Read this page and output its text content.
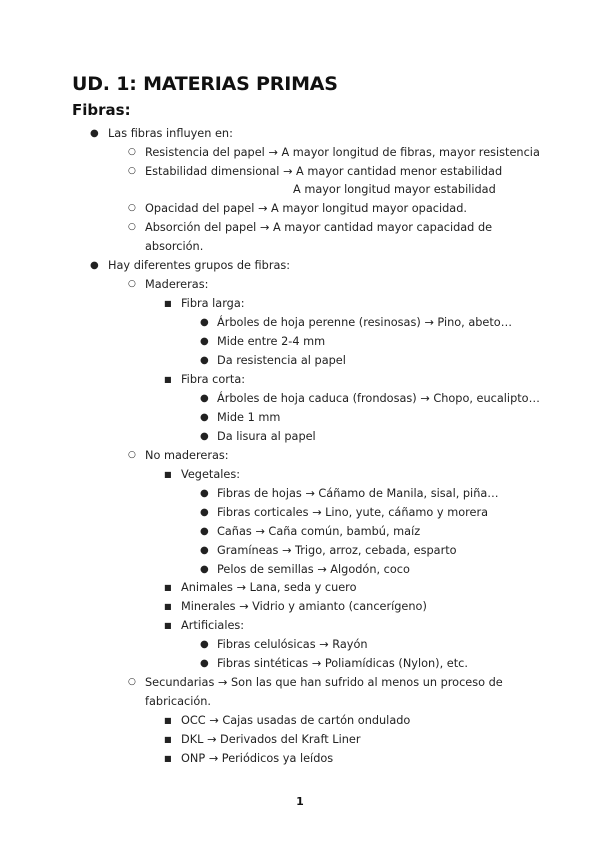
UD. 1: MATERIAS PRIMAS
Fibras:
● Las fibras influyen en:
○ Resistencia del papel → A mayor longitud de fibras, mayor resistencia
○ Estabilidad dimensional → A mayor cantidad menor estabilidad
A mayor longitud mayor estabilidad
○ Opacidad del papel → A mayor longitud mayor opacidad.
○ Absorción del papel → A mayor cantidad mayor capacidad de
absorción.
● Hay diferentes grupos de fibras:
○ Madereras:
■ Fibra larga:
● Árboles de hoja perenne (resinosas) → Pino, abeto…
● Mide entre 2-4 mm
● Da resistencia al papel
■ Fibra corta:
● Árboles de hoja caduca (frondosas) → Chopo, eucalipto…
● Mide 1 mm
● Da lisura al papel
○ No madereras:
■ Vegetales:
● Fibras de hojas → Cáñamo de Manila, sisal, piña…
● Fibras corticales → Lino, yute, cáñamo y morera
● Cañas → Caña común, bambú, maíz
● Gramíneas → Trigo, arroz, cebada, esparto
● Pelos de semillas → Algodón, coco
■ Animales → Lana, seda y cuero
■ Minerales → Vidrio y amianto (cancerígeno)
■ Artificiales:
● Fibras celulósicas → Rayón
● Fibras sintéticas → Poliamídicas (Nylon), etc.
○ Secundarias → Son las que han sufrido al menos un proceso de
fabricación.
■ OCC → Cajas usadas de cartón ondulado
■ DKL → Derivados del Kraft Liner
■ ONP → Periódicos ya leídos
1
